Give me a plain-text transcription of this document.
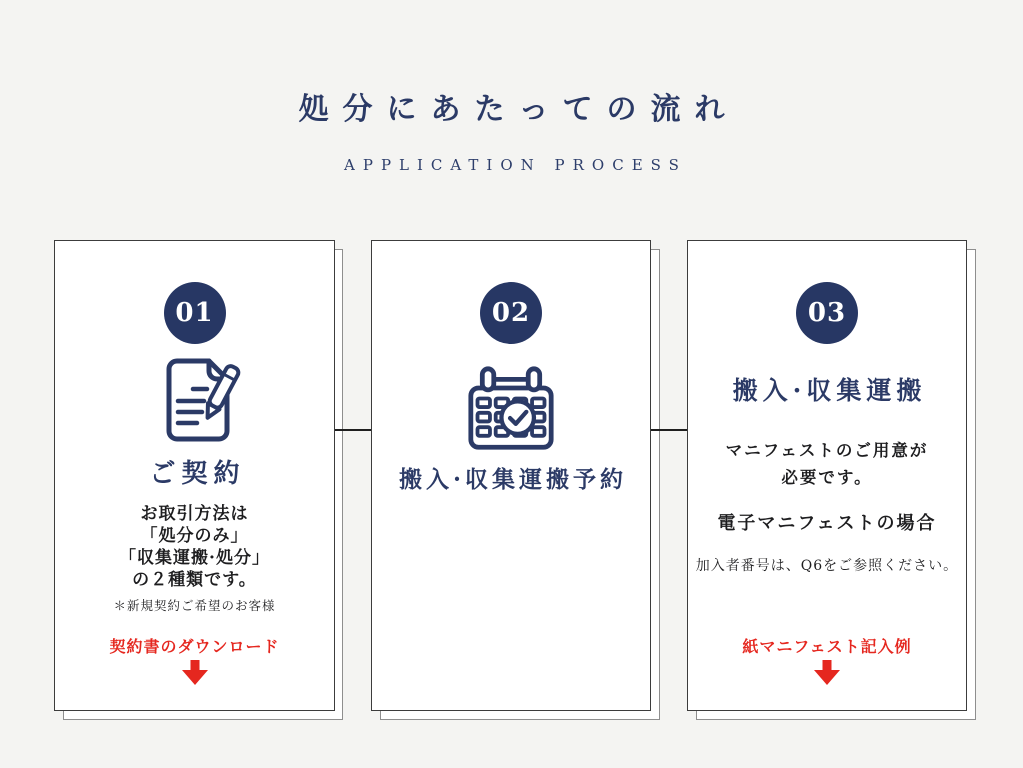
処分にあたっての流れ
APPLICATION PROCESS
01
ご契約
お取引方法は
「処分のみ」
「収集運搬·処分」
の２種類です。
＊新規契約ご希望のお客様
契約書のダウンロード
02
搬入·収集運搬予約
03
搬入·収集運搬
マニフェストのご用意が
必要です。
電子マニフェストの場合
加入者番号は、Q6をご参照ください。
紙マニフェスト記入例
